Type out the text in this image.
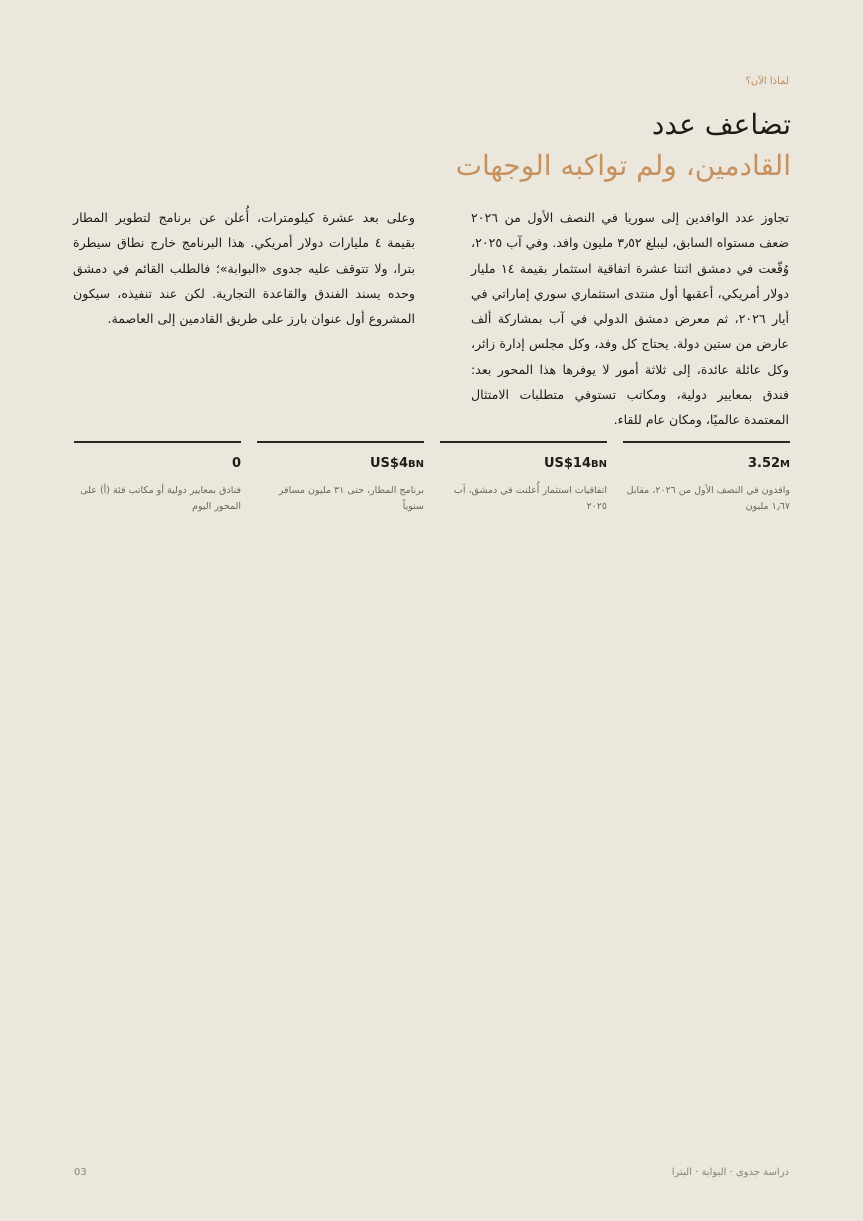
لماذا الآن؟
تضاعف عدد
القادمين، ولم تواكبه الوجهات

تجاوز عدد الوافدين إلى سوريا في النصف الأول من ٢٠٢٦ ضعف مستواه السابق، ليبلغ ٣٫٥٢ مليون وافد. وفي آب ٢٠٢٥، وُقّعت في دمشق اثنتا عشرة اتفاقية استثمار بقيمة ١٤ مليار دولار أمريكي، أعقبها أول منتدى استثماري سوري إماراتي في أيار ٢٠٢٦، ثم معرض دمشق الدولي في آب بمشاركة ألف عارض من ستين دولة. يحتاج كل وفد، وكل مجلس إدارة زائر، وكل عائلة عائدة، إلى ثلاثة أمور لا يوفرها هذا المحور بعد: فندق بمعايير دولية، ومكاتب تستوفي متطلبات الامتثال المعتمدة عالميًا، ومكان عام للقاء.

وعلى بعد عشرة كيلومترات، أُعلن عن برنامج لتطوير المطار بقيمة ٤ مليارات دولار أمريكي. هذا البرنامج خارج نطاق سيطرة بترا، ولا تتوقف عليه جدوى «البوابة»؛ فالطلب القائم في دمشق وحده يسند الفندق والقاعدة التجارية. لكن عند تنفيذه، سيكون المشروع أول عنوان بارز على طريق القادمين إلى العاصمة.

3.52M
وافدون في النصف الأول من ٢٠٢٦، مقابل ١٫٦٧ مليون
US$14BN
اتفاقيات استثمار أُعلنت في دمشق، آب ٢٠٢٥
US$4BN
برنامج المطار، حتى ٣١ مليون مسافر سنوياً
0
فنادق بمعايير دولية أو مكاتب فئة (أ) على المحور اليوم
03	دراسة جدوى · البوابة · البترا
